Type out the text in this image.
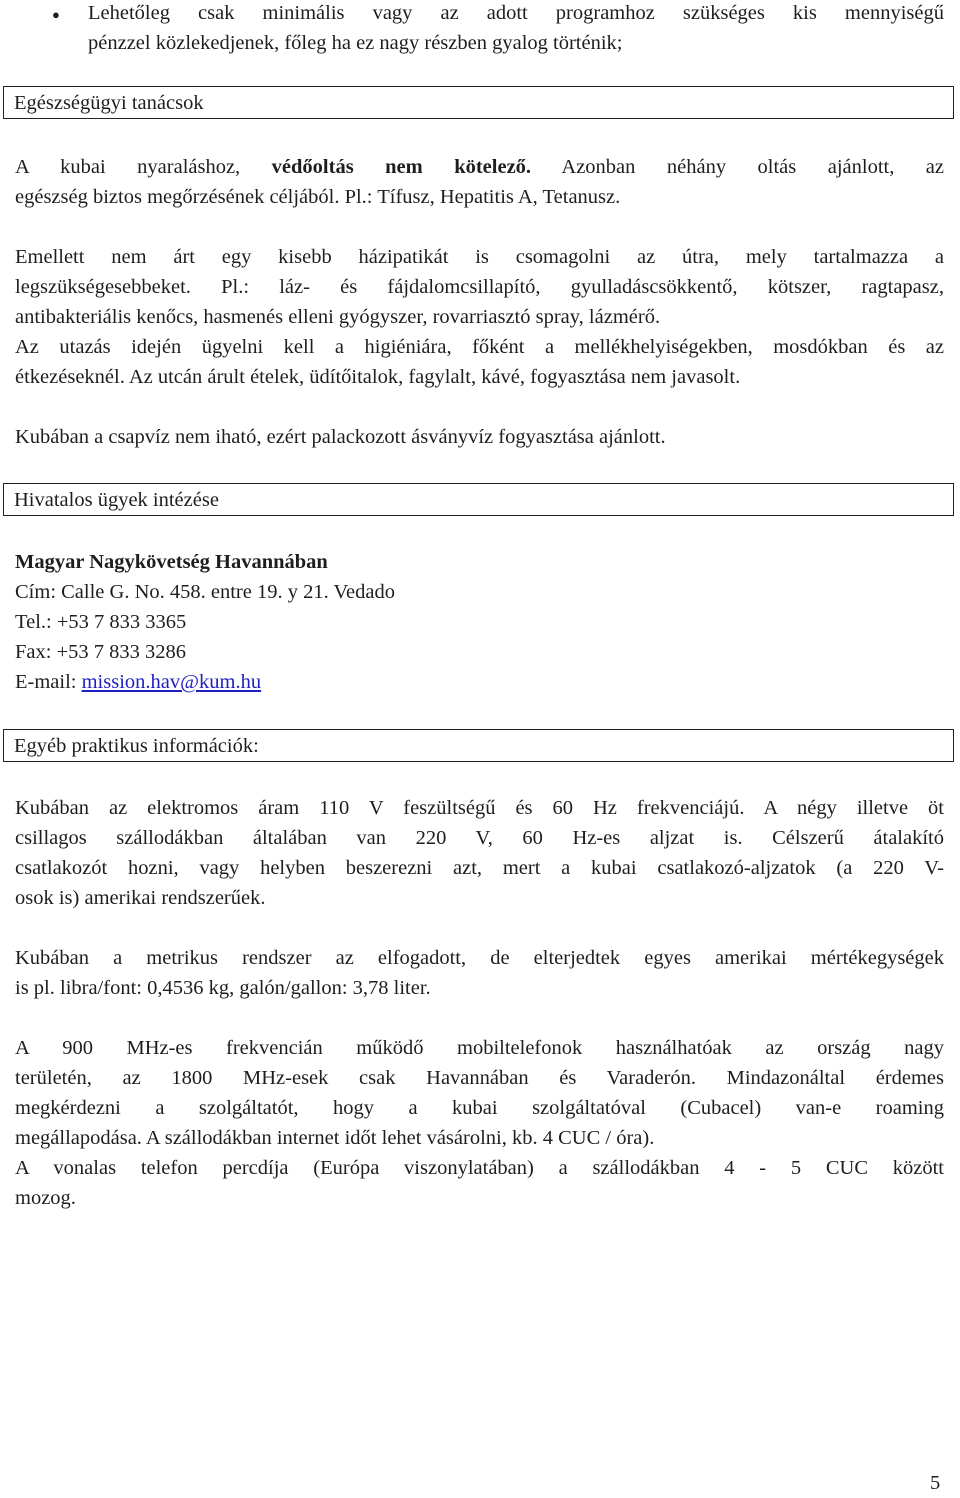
● Lehetőleg csak minimális vagy az adott programhoz szükséges kis mennyiségű
pénzzel közlekedjenek, főleg ha ez nagy részben gyalog történik;
Egészségügyi tanácsok
A kubai nyaraláshoz, védőoltás nem kötelező. Azonban néhány oltás ajánlott, az
egészség biztos megőrzésének céljából. Pl.: Tífusz, Hepatitis A, Tetanusz.
Emellett nem árt egy kisebb házipatikát is csomagolni az útra, mely tartalmazza a
legszükségesebbeket. Pl.: láz- és fájdalomcsillapító, gyulladáscsökkentő, kötszer, ragtapasz,
antibakteriális kenőcs, hasmenés elleni gyógyszer, rovarriasztó spray, lázmérő.
Az utazás idején ügyelni kell a higiéniára, főként a mellékhelyiségekben, mosdókban és az
étkezéseknél. Az utcán árult ételek, üdítőitalok, fagylalt, kávé, fogyasztása nem javasolt.
Kubában a csapvíz nem iható, ezért palackozott ásványvíz fogyasztása ajánlott.
Hivatalos ügyek intézése
Magyar Nagykövetség Havannában
Cím: Calle G. No. 458. entre 19. y 21. Vedado
Tel.: +53 7 833 3365
Fax: +53 7 833 3286
E-mail: mission.hav@kum.hu
Egyéb praktikus információk:
Kubában az elektromos áram 110 V feszültségű és 60 Hz frekvenciájú. A négy illetve öt
csillagos szállodákban általában van 220 V, 60 Hz-es aljzat is. Célszerű átalakító
csatlakozót hozni, vagy helyben beszerezni azt, mert a kubai csatlakozó-aljzatok (a 220 V-
osok is) amerikai rendszerűek.
Kubában a metrikus rendszer az elfogadott, de elterjedtek egyes amerikai mértékegységek
is pl. libra/font: 0,4536 kg, galón/gallon: 3,78 liter.
A 900 MHz-es frekvencián működő mobiltelefonok használhatóak az ország nagy
területén, az 1800 MHz-esek csak Havannában és Varaderón. Mindazonáltal érdemes
megkérdezni a szolgáltatót, hogy a kubai szolgáltatóval (Cubacel) van-e roaming
megállapodása. A szállodákban internet időt lehet vásárolni, kb. 4 CUC / óra).
A vonalas telefon percdíja (Európa viszonylatában) a szállodákban 4 - 5 CUC között
mozog.
5
